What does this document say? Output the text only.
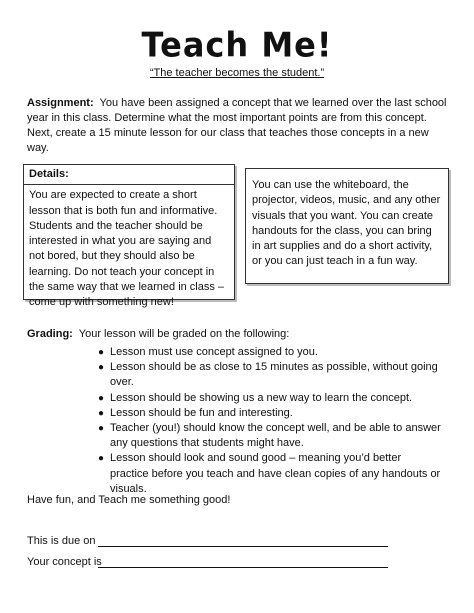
Teach Me!
“The teacher becomes the student.”
Assignment: You have been assigned a concept that we learned over the last school year in this class. Determine what the most important points are from this concept. Next, create a 15 minute lesson for our class that teaches those concepts in a new way.
Details:
You are expected to create a short lesson that is both fun and informative. Students and the teacher should be interested in what you are saying and not bored, but they should also be learning. Do not teach your concept in the same way that we learned in class – come up with something new!
You can use the whiteboard, the projector, videos, music, and any other visuals that you want. You can create handouts for the class, you can bring in art supplies and do a short activity, or you can just teach in a fun way.
Grading: Your lesson will be graded on the following:
● Lesson must use concept assigned to you.
● Lesson should be as close to 15 minutes as possible, without going over.
● Lesson should be showing us a new way to learn the concept.
● Lesson should be fun and interesting.
● Teacher (you!) should know the concept well, and be able to answer any questions that students might have.
● Lesson should look and sound good – meaning you’d better practice before you teach and have clean copies of any handouts or visuals.
Have fun, and Teach me something good!
This is due on
Your concept is
